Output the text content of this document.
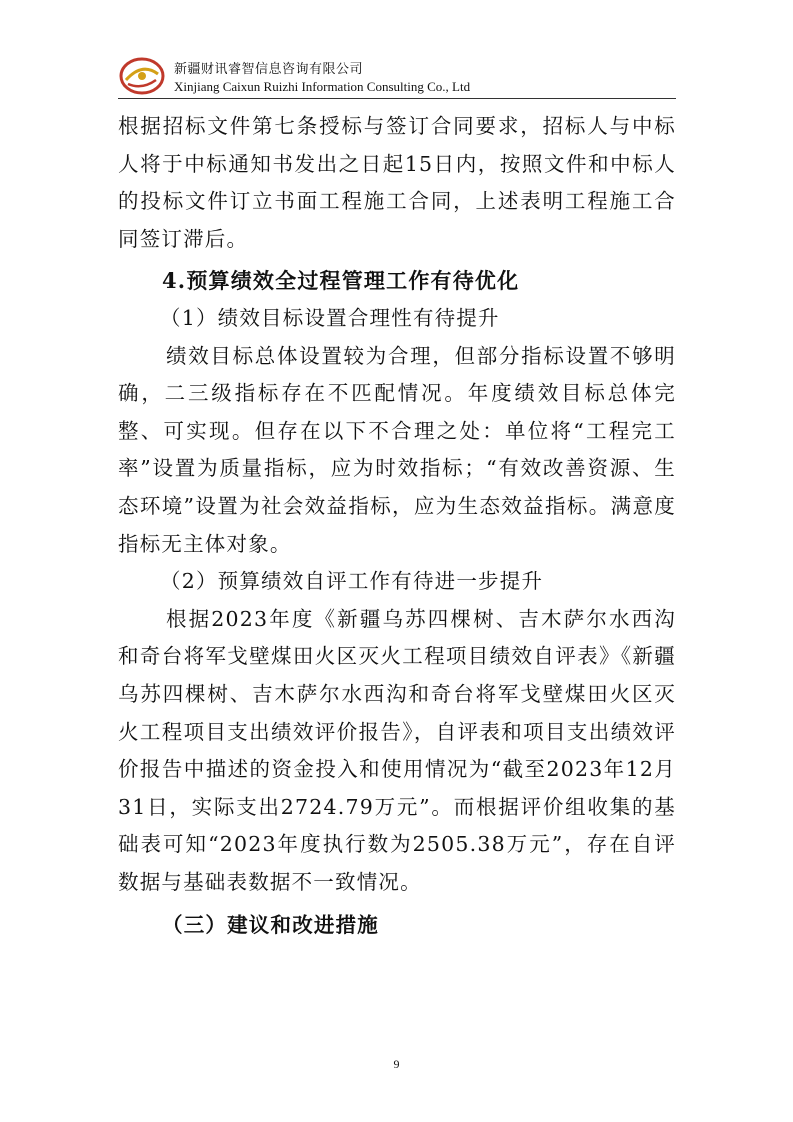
新疆财讯睿智信息咨询有限公司
Xinjiang Caixun Ruizhi Information Consulting Co., Ltd

根据招标文件第七条授标与签订合同要求，招标人与中标人将于中标通知书发出之日起15日内，按照文件和中标人的投标文件订立书面工程施工合同，上述表明工程施工合同签订滞后。

4.预算绩效全过程管理工作有待优化

（1）绩效目标设置合理性有待提升

绩效目标总体设置较为合理，但部分指标设置不够明确，二三级指标存在不匹配情况。年度绩效目标总体完整、可实现。但存在以下不合理之处：单位将“工程完工率”设置为质量指标，应为时效指标；“有效改善资源、生态环境”设置为社会效益指标，应为生态效益指标。满意度指标无主体对象。

（2）预算绩效自评工作有待进一步提升

根据2023年度《新疆乌苏四棵树、吉木萨尔水西沟和奇台将军戈壁煤田火区灭火工程项目绩效自评表》《新疆乌苏四棵树、吉木萨尔水西沟和奇台将军戈壁煤田火区灭火工程项目支出绩效评价报告》，自评表和项目支出绩效评价报告中描述的资金投入和使用情况为“截至2023年12月31日，实际支出2724.79万元”。而根据评价组收集的基础表可知“2023年度执行数为2505.38万元”，存在自评数据与基础表数据不一致情况。

（三）建议和改进措施

9
